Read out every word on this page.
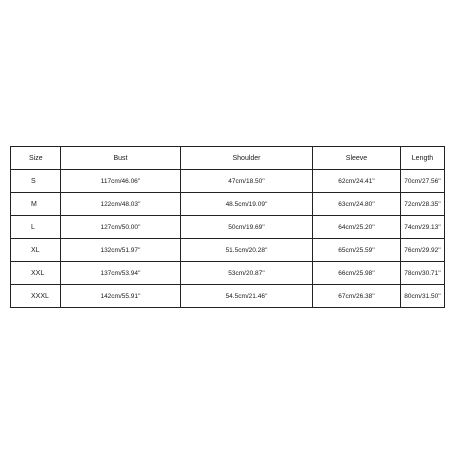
Size	Bust	Shoulder	Sleeve	Length
S	117cm/46.06''	47cm/18.50''	62cm/24.41''	70cm/27.56''
M	122cm/48.03''	48.5cm/19.09''	63cm/24.80''	72cm/28.35''
L	127cm/50.00''	50cm/19.69''	64cm/25.20''	74cm/29.13''
XL	132cm/51.97''	51.5cm/20.28''	65cm/25.59''	76cm/29.92''
XXL	137cm/53.94''	53cm/20.87''	66cm/25.98''	78cm/30.71''
XXXL	142cm/55.91''	54.5cm/21.46''	67cm/26.38''	80cm/31.50''
